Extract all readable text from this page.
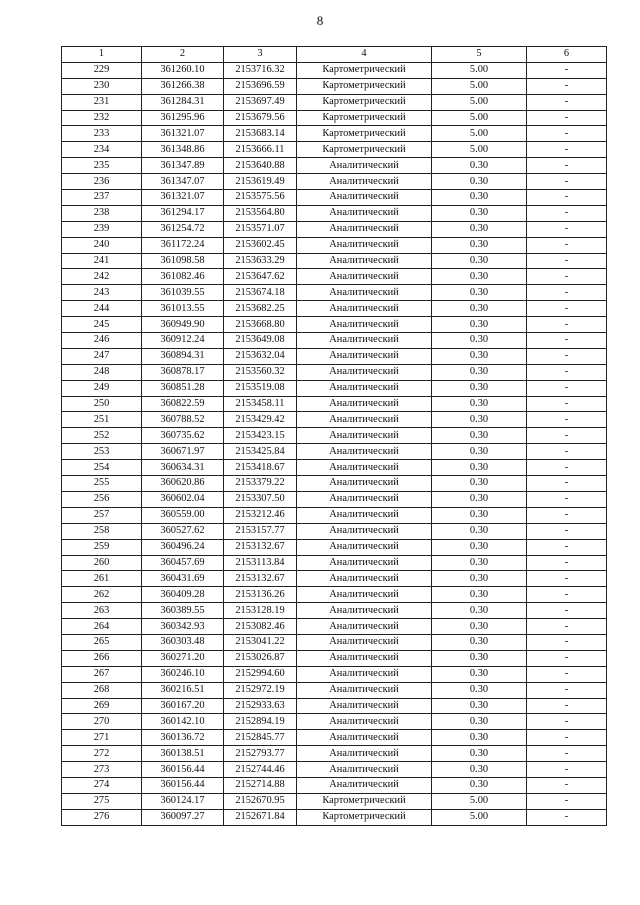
8
1	2	3	4	5	6
229	361260.10	2153716.32	Картометрический	5.00	-
230	361266.38	2153696.59	Картометрический	5.00	-
231	361284.31	2153697.49	Картометрический	5.00	-
232	361295.96	2153679.56	Картометрический	5.00	-
233	361321.07	2153683.14	Картометрический	5.00	-
234	361348.86	2153666.11	Картометрический	5.00	-
235	361347.89	2153640.88	Аналитический	0.30	-
236	361347.07	2153619.49	Аналитический	0.30	-
237	361321.07	2153575.56	Аналитический	0.30	-
238	361294.17	2153564.80	Аналитический	0.30	-
239	361254.72	2153571.07	Аналитический	0.30	-
240	361172.24	2153602.45	Аналитический	0.30	-
241	361098.58	2153633.29	Аналитический	0.30	-
242	361082.46	2153647.62	Аналитический	0.30	-
243	361039.55	2153674.18	Аналитический	0.30	-
244	361013.55	2153682.25	Аналитический	0.30	-
245	360949.90	2153668.80	Аналитический	0.30	-
246	360912.24	2153649.08	Аналитический	0.30	-
247	360894.31	2153632.04	Аналитический	0.30	-
248	360878.17	2153560.32	Аналитический	0.30	-
249	360851.28	2153519.08	Аналитический	0.30	-
250	360822.59	2153458.11	Аналитический	0.30	-
251	360788.52	2153429.42	Аналитический	0.30	-
252	360735.62	2153423.15	Аналитический	0.30	-
253	360671.97	2153425.84	Аналитический	0.30	-
254	360634.31	2153418.67	Аналитический	0.30	-
255	360620.86	2153379.22	Аналитический	0.30	-
256	360602.04	2153307.50	Аналитический	0.30	-
257	360559.00	2153212.46	Аналитический	0.30	-
258	360527.62	2153157.77	Аналитический	0.30	-
259	360496.24	2153132.67	Аналитический	0.30	-
260	360457.69	2153113.84	Аналитический	0.30	-
261	360431.69	2153132.67	Аналитический	0.30	-
262	360409.28	2153136.26	Аналитический	0.30	-
263	360389.55	2153128.19	Аналитический	0.30	-
264	360342.93	2153082.46	Аналитический	0.30	-
265	360303.48	2153041.22	Аналитический	0.30	-
266	360271.20	2153026.87	Аналитический	0.30	-
267	360246.10	2152994.60	Аналитический	0.30	-
268	360216.51	2152972.19	Аналитический	0.30	-
269	360167.20	2152933.63	Аналитический	0.30	-
270	360142.10	2152894.19	Аналитический	0.30	-
271	360136.72	2152845.77	Аналитический	0.30	-
272	360138.51	2152793.77	Аналитический	0.30	-
273	360156.44	2152744.46	Аналитический	0.30	-
274	360156.44	2152714.88	Аналитический	0.30	-
275	360124.17	2152670.95	Картометрический	5.00	-
276	360097.27	2152671.84	Картометрический	5.00	-
